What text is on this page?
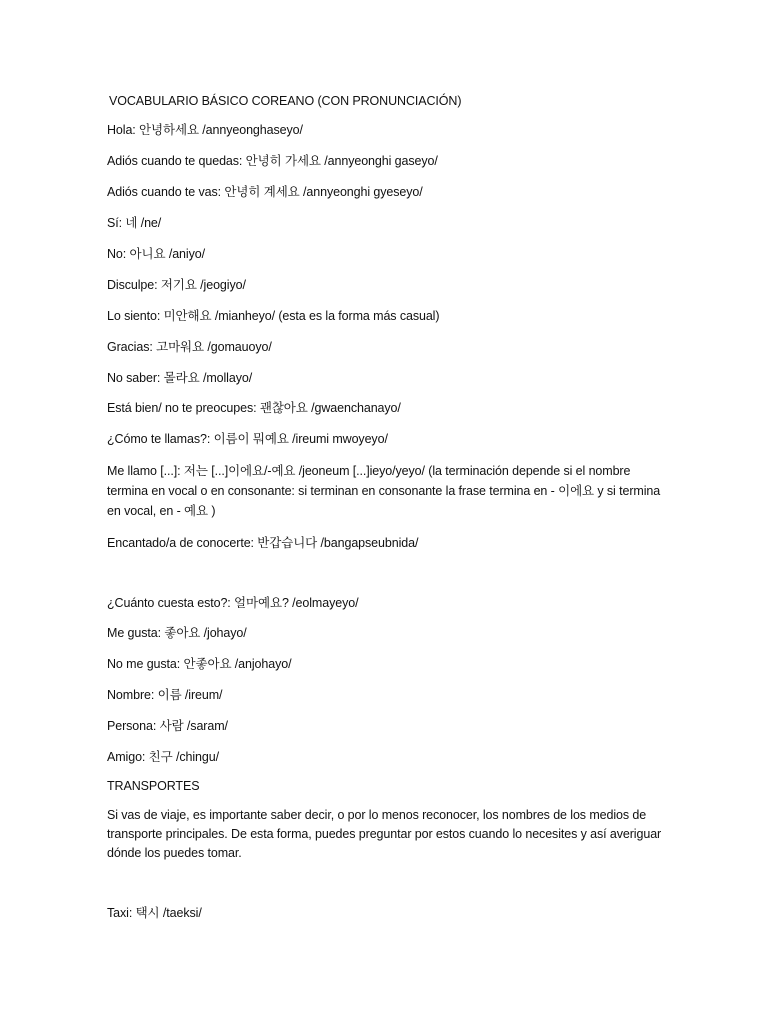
VOCABULARIO BÁSICO COREANO (CON PRONUNCIACIÓN)
Hola: 안녕하세요 /annyeonghaseyo/
Adiós cuando te quedas: 안녕히 가세요 /annyeonghi gaseyo/
Adiós cuando te vas: 안녕히 계세요 /annyeonghi gyeseyo/
Sí: 네 /ne/
No: 아니요 /aniyo/
Disculpe: 저기요 /jeogiyo/
Lo siento: 미안해요 /mianheyo/ (esta es la forma más casual)
Gracias: 고마워요 /gomauoyo/
No saber: 몰라요 /mollayo/
Está bien/ no te preocupes: 괜찮아요 /gwaenchanayo/
¿Cómo te llamas?: 이름이 뭐예요 /ireumi mwoyeyo/
Me llamo [...]: 저는 [...]이에요/-예요 /jeoneum [...]ieyo/yeyo/ (la terminación depende si el nombre termina en vocal o en consonante: si terminan en consonante la frase termina en - 이에요 y si termina en vocal, en - 예요 )
Encantado/a de conocerte: 반갑습니다 /bangapseubnida/
¿Cuánto cuesta esto?: 얼마예요? /eolmayeyo/
Me gusta: 좋아요 /johayo/
No me gusta: 안좋아요 /anjohayo/
Nombre: 이름 /ireum/
Persona: 사람 /saram/
Amigo: 친구 /chingu/
TRANSPORTES
Si vas de viaje, es importante saber decir, o por lo menos reconocer, los nombres de los medios de transporte principales. De esta forma, puedes preguntar por estos cuando lo necesites y así averiguar dónde los puedes tomar.
Taxi: 택시 /taeksi/
